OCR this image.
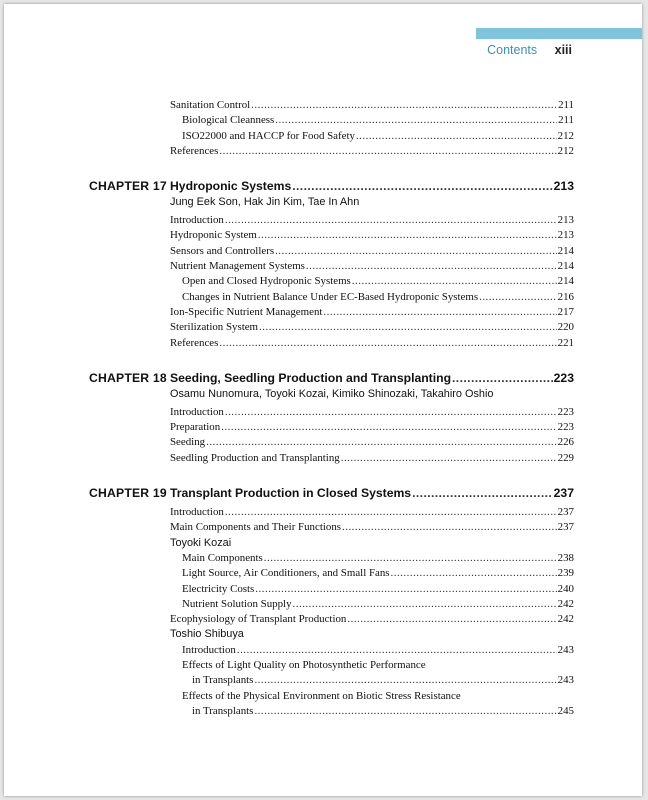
Contents xiii
Sanitation Control .....	211
Biological Cleanness .....	211
ISO22000 and HACCP for Food Safety .....	212
References .....	212
CHAPTER 17 Hydroponic Systems .....	213
Jung Eek Son, Hak Jin Kim, Tae In Ahn
Introduction .....	213
Hydroponic System .....	213
Sensors and Controllers .....	214
Nutrient Management Systems .....	214
Open and Closed Hydroponic Systems .....	214
Changes in Nutrient Balance Under EC-Based Hydroponic Systems .....	216
Ion-Specific Nutrient Management .....	217
Sterilization System .....	220
References .....	221
CHAPTER 18 Seeding, Seedling Production and Transplanting .....	223
Osamu Nunomura, Toyoki Kozai, Kimiko Shinozaki, Takahiro Oshio
Introduction .....	223
Preparation .....	223
Seeding .....	226
Seedling Production and Transplanting .....	229
CHAPTER 19 Transplant Production in Closed Systems .....	237
Introduction .....	237
Main Components and Their Functions .....	237
Toyoki Kozai
Main Components .....	238
Light Source, Air Conditioners, and Small Fans .....	239
Electricity Costs .....	240
Nutrient Solution Supply .....	242
Ecophysiology of Transplant Production .....	242
Toshio Shibuya
Introduction .....	243
Effects of Light Quality on Photosynthetic Performance
in Transplants .....	243
Effects of the Physical Environment on Biotic Stress Resistance
in Transplants .....	245
